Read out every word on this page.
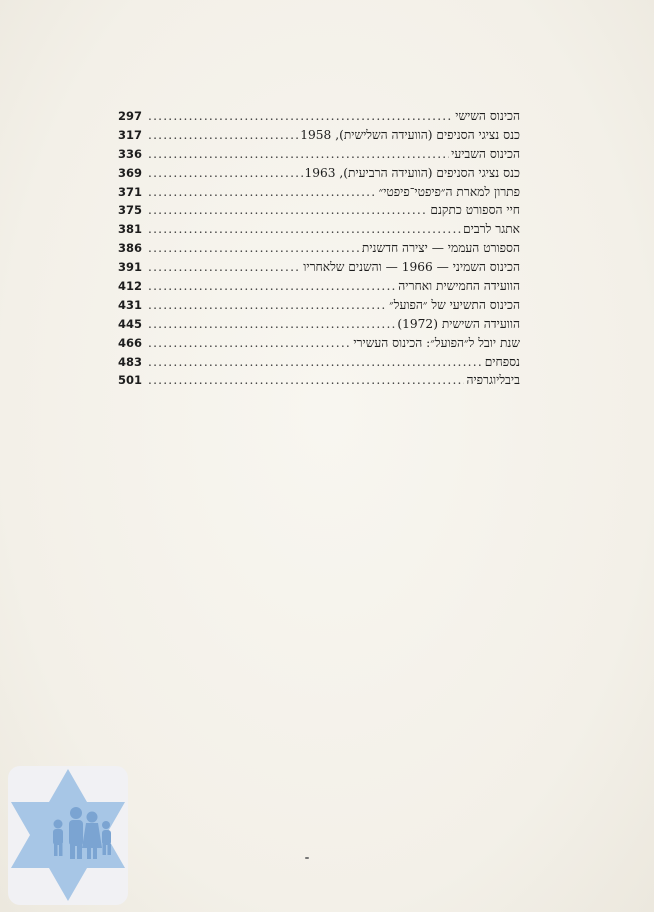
הכינוס השישי
.....
297
כנס נציגי הסניפים (הוועידה השלישית), 1958
.....
317
הכינוס השביעי
.....
336
כנס נציגי הסניפים (הוועידה הרביעית), 1963
.....
369
פתרון למארת ה״פיפטי־פיפטי״
.....
371
חיי הספורט כתקנם
.....
375
אתגר לרבים
.....
381
הספורט העממי — יצירה חדשנית
.....
386
הכינוס השמיני — 1966 — והשנים שלאחריו
.....
391
הוועידה החמישית ואחריה
.....
412
הכינוס התשיעי של ״הפועל״
.....
431
הוועידה השישית (1972)
.....
445
שנת יובל ל״הפועל״: הכינוס העשירי
.....
466
נספחים
.....
483
ביבליוגרפיה
.....
501
